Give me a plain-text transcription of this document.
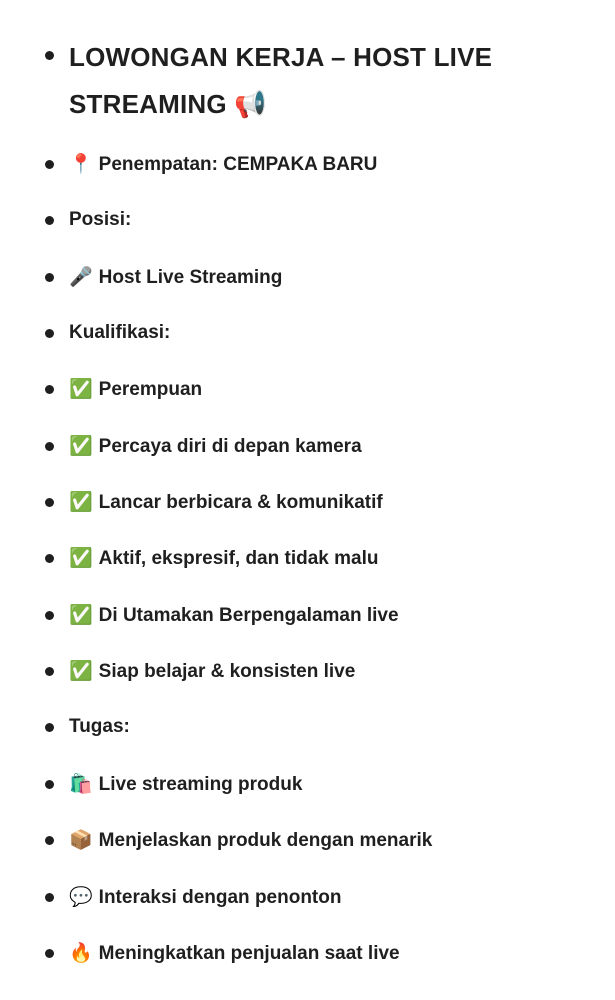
LOWONGAN KERJA – HOST LIVE STREAMING 📢
📍 Penempatan: CEMPAKA BARU
Posisi:
🎤 Host Live Streaming
Kualifikasi:
✅ Perempuan
✅ Percaya diri di depan kamera
✅ Lancar berbicara & komunikatif
✅ Aktif, ekspresif, dan tidak malu
✅ Di Utamakan Berpengalaman live
✅ Siap belajar & konsisten live
Tugas:
🛍️ Live streaming produk
📦 Menjelaskan produk dengan menarik
💬 Interaksi dengan penonton
🔥 Meningkatkan penjualan saat live
